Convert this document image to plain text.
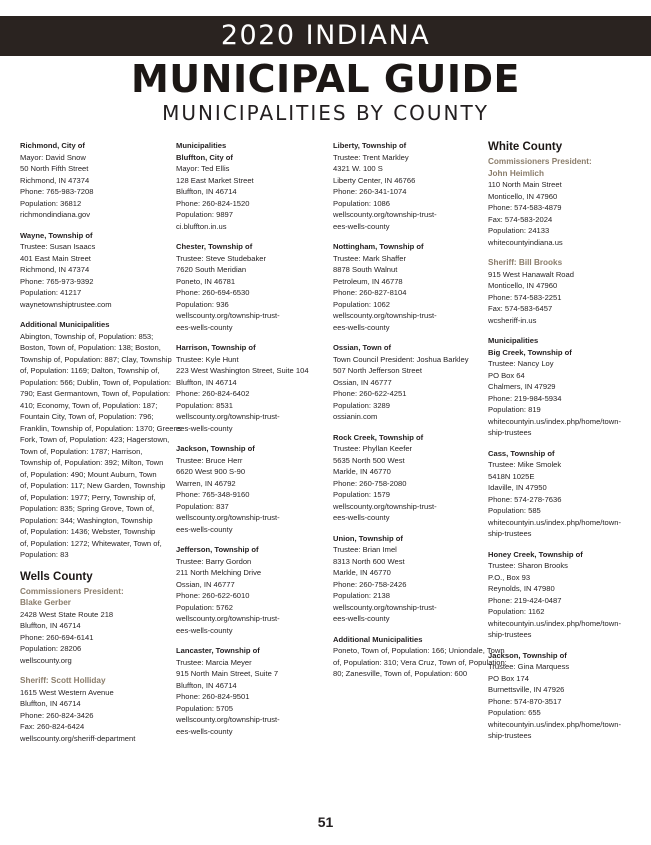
2020 INDIANA
MUNICIPAL GUIDE
MUNICIPALITIES BY COUNTY
Richmond, City of
Mayor: David Snow
50 North Fifth Street
Richmond, IN 47374
Phone: 765-983-7208
Population: 36812
richmondindiana.gov
Wayne, Township of
Trustee: Susan Isaacs
401 East Main Street
Richmond, IN 47374
Phone: 765-973-9392
Population: 41217
waynetownshiptrustee.com
Additional Municipalities
Abington, Township of, Population: 853;
Boston, Town of, Population: 138; Boston,
Township of, Population: 887; Clay, Township
of, Population: 1169; Dalton, Township of,
Population: 566; Dublin, Town of, Population:
790; East Germantown, Town of, Population:
410; Economy, Town of, Population: 187;
Fountain City, Town of, Population: 796;
Franklin, Township of, Population: 1370; Greens
Fork, Town of, Population: 423; Hagerstown,
Town of, Population: 1787; Harrison,
Township of, Population: 392; Milton, Town
of, Population: 490; Mount Auburn, Town
of, Population: 117; New Garden, Township
of, Population: 1977; Perry, Township of,
Population: 835; Spring Grove, Town of,
Population: 344; Washington, Township
of, Population: 1436; Webster, Township
of, Population: 1272; Whitewater, Town of,
Population: 83
Wells County
Commissioners President:
Blake Gerber
2428 West State Route 218
Bluffton, IN 46714
Phone: 260-694-6141
Population: 28206
wellscounty.org
Sheriff: Scott Holliday
1615 West Western Avenue
Bluffton, IN 46714
Phone: 260-824-3426
Fax: 260-824-6424
wellscounty.org/sheriff-department
Municipalities
Bluffton, City of
Mayor: Ted Ellis
128 East Market Street
Bluffton, IN 46714
Phone: 260-824-1520
Population: 9897
ci.bluffton.in.us
Chester, Township of
Trustee: Steve Studebaker
7620 South Meridian
Poneto, IN 46781
Phone: 260-694-6530
Population: 936
wellscounty.org/township-trust-
ees-wells-county
Harrison, Township of
Trustee: Kyle Hunt
223 West Washington Street, Suite 104
Bluffton, IN 46714
Phone: 260-824-6402
Population: 8531
wellscounty.org/township-trust-
ees-wells-county
Jackson, Township of
Trustee: Bruce Herr
6620 West 900 S-90
Warren, IN 46792
Phone: 765-348-9160
Population: 837
wellscounty.org/township-trust-
ees-wells-county
Jefferson, Township of
Trustee: Barry Gordon
211 North Melching Drive
Ossian, IN 46777
Phone: 260-622-6010
Population: 5762
wellscounty.org/township-trust-
ees-wells-county
Lancaster, Township of
Trustee: Marcia Meyer
915 North Main Street, Suite 7
Bluffton, IN 46714
Phone: 260-824-9501
Population: 5705
wellscounty.org/township-trust-
ees-wells-county
Liberty, Township of
Trustee: Trent Markley
4321 W. 100 S
Liberty Center, IN 46766
Phone: 260-341-1074
Population: 1086
wellscounty.org/township-trust-
ees-wells-county
Nottingham, Township of
Trustee: Mark Shaffer
8878 South Walnut
Petroleum, IN 46778
Phone: 260-827-8104
Population: 1062
wellscounty.org/township-trust-
ees-wells-county
Ossian, Town of
Town Council President: Joshua Barkley
507 North Jefferson Street
Ossian, IN 46777
Phone: 260-622-4251
Population: 3289
ossianin.com
Rock Creek, Township of
Trustee: Phyllan Keefer
5635 North 500 West
Markle, IN 46770
Phone: 260-758-2080
Population: 1579
wellscounty.org/township-trust-
ees-wells-county
Union, Township of
Trustee: Brian Imel
8313 North 600 West
Markle, IN 46770
Phone: 260-758-2426
Population: 2138
wellscounty.org/township-trust-
ees-wells-county
Additional Municipalities
Poneto, Town of, Population: 166; Uniondale, Town
of, Population: 310; Vera Cruz, Town of, Population:
80; Zanesville, Town of, Population: 600
White County
Commissioners President:
John Heimlich
110 North Main Street
Monticello, IN 47960
Phone: 574-583-4879
Fax: 574-583-2024
Population: 24133
whitecountyindiana.us
Sheriff: Bill Brooks
915 West Hanawalt Road
Monticello, IN 47960
Phone: 574-583-2251
Fax: 574-583-6457
wcsheriff-in.us
Municipalities
Big Creek, Township of
Trustee: Nancy Loy
PO Box 64
Chalmers, IN 47929
Phone: 219-984-5934
Population: 819
whitecountyin.us/index.php/home/town-
ship-trustees
Cass, Township of
Trustee: Mike Smolek
5418N 1025E
Idaville, IN 47950
Phone: 574-278-7636
Population: 585
whitecountyin.us/index.php/home/town-
ship-trustees
Honey Creek, Township of
Trustee: Sharon Brooks
P.O., Box 93
Reynolds, IN 47980
Phone: 219-424-0487
Population: 1162
whitecountyin.us/index.php/home/town-
ship-trustees
Jackson, Township of
Trustee: Gina Marquess
PO Box 174
Burnettsville, IN 47926
Phone: 574-870-3517
Population: 655
whitecountyin.us/index.php/home/town-
ship-trustees
51
